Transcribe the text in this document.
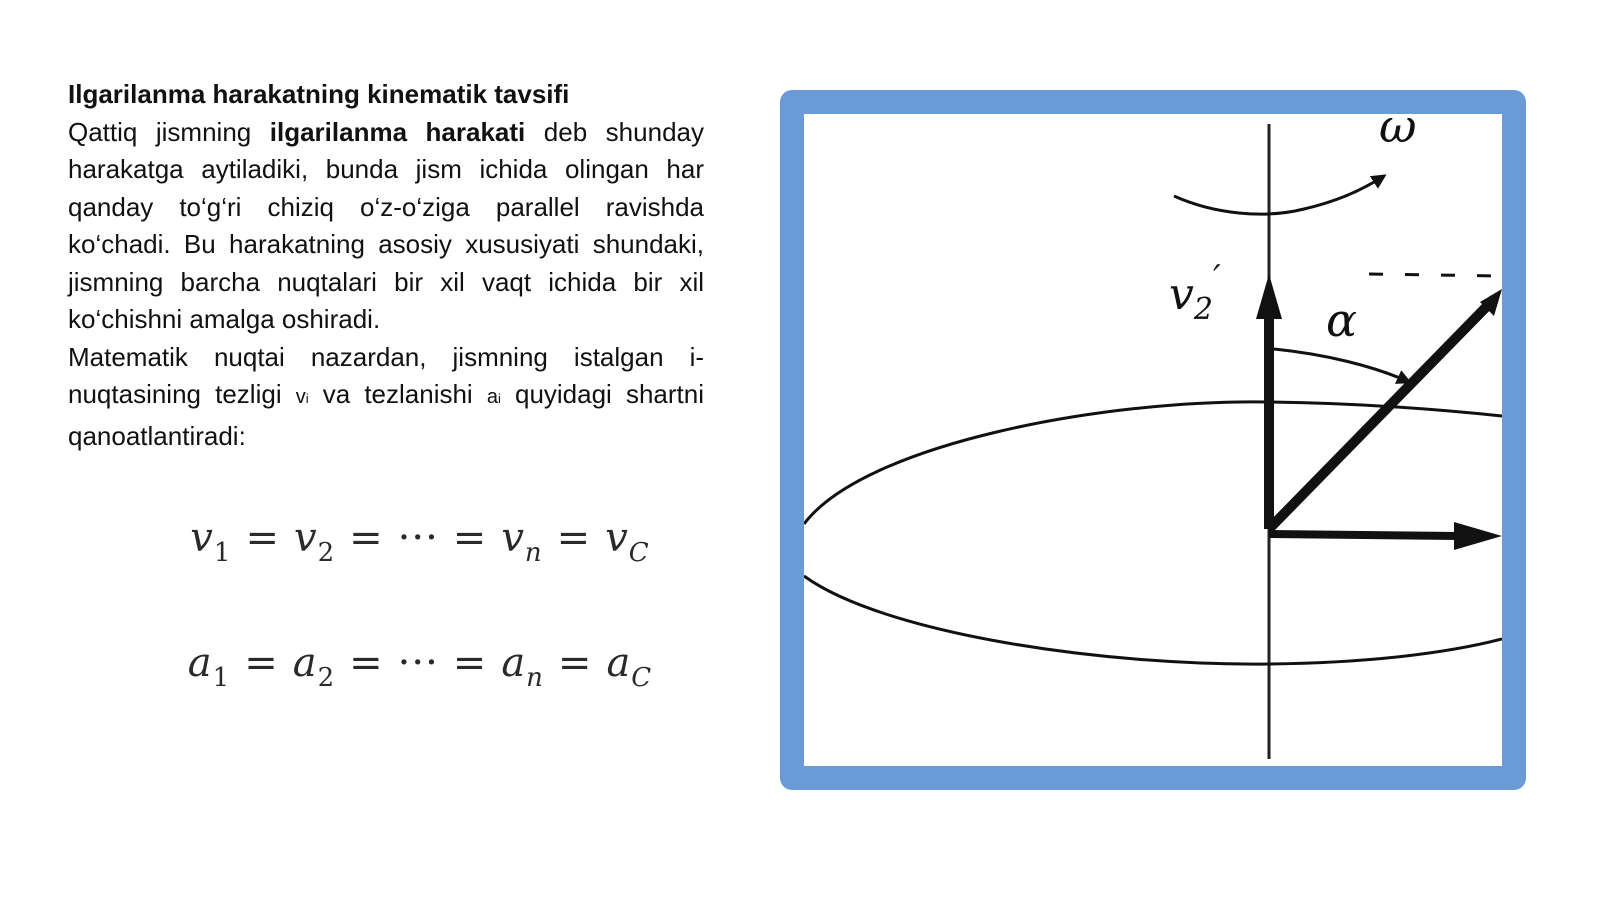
Ilgarilanma harakatning kinematik tavsifi

Qattiq jismning ilgarilanma harakati deb shunday harakatga aytiladiki, bunda jism ichida olingan har qanday to‘g‘ri chiziq o‘z-o‘ziga parallel ravishda ko‘chadi. Bu harakatning asosiy xususiyati shundaki, jismning barcha nuqtalari bir xil vaqt ichida bir xil ko‘chishni amalga oshiradi.

Matematik nuqtai nazardan, jismning istalgan i-nuqtasining tezligi vi va tezlanishi ai quyidagi shartni qanoatlantiradi:

$v_1 = v_2$ = ··· = $v_n = v_C$
$a_1 = a_2$ = ··· = $a_n = a_C$
ω
$v_2'$
α
